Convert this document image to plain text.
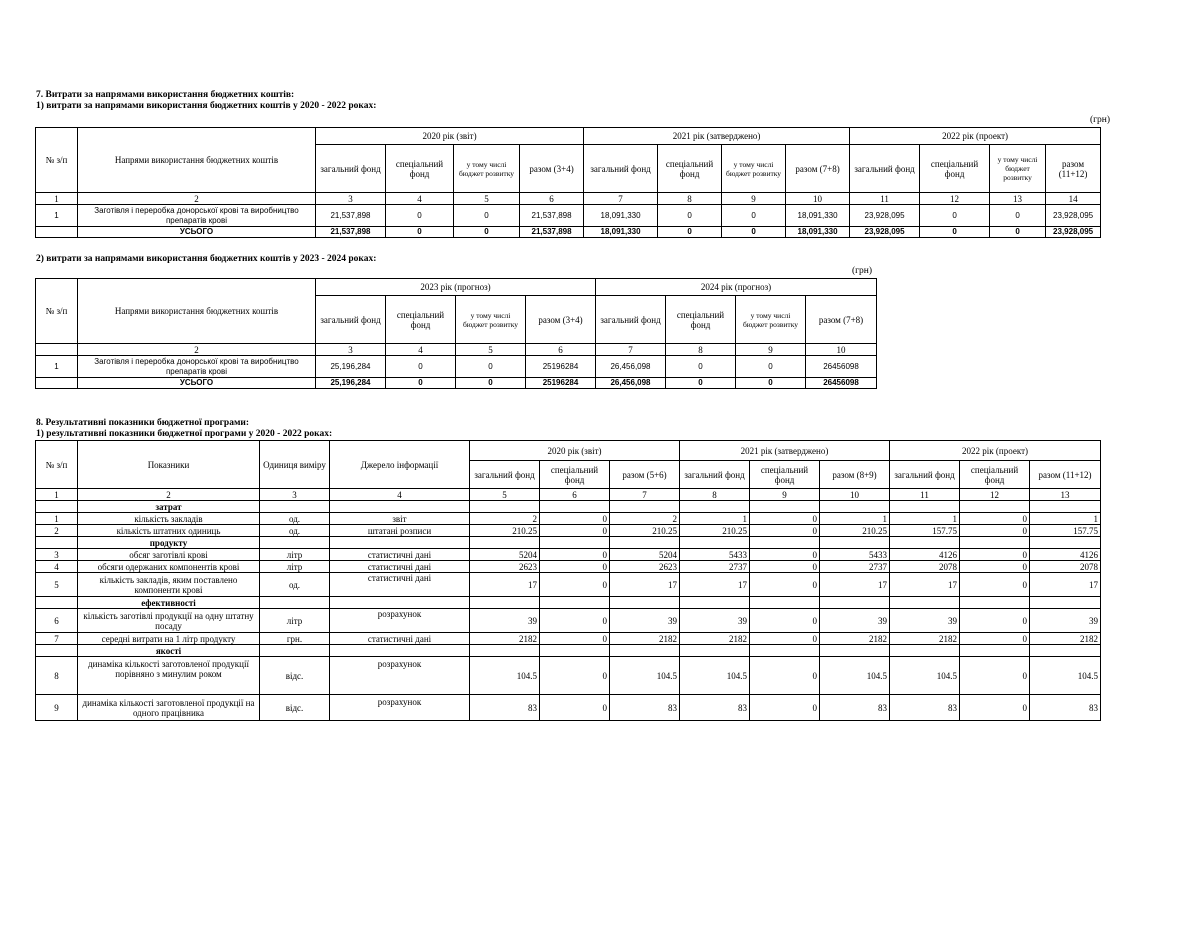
7. Витрати за напрямами використання бюджетних коштів:
1) витрати за напрямами використання бюджетних коштів у 2020 - 2022 роках:
(грн)
№ з/п	Напрями використання бюджетних коштів	2020 рік (звіт)				2021 рік (затверджено)				2022 рік (проект)			
		загальний фонд	спеціальний фонд	у тому числі бюджет розвитку	разом (3+4)	загальний фонд	спеціальний фонд	у тому числі бюджет розвитку	разом (7+8)	загальний фонд	спеціальний фонд	у тому числі бюджет розвитку	разом (11+12)
1	2	3	4	5	6	7	8	9	10	11	12	13	14
1	Заготівля і переробка донорської крові та виробництво препаратів крові	21,537,898	0	0	21,537,898	18,091,330	0	0	18,091,330	23,928,095	0	0	23,928,095
	УСЬОГО	21,537,898	0	0	21,537,898	18,091,330	0	0	18,091,330	23,928,095	0	0	23,928,095
2) витрати за напрямами використання бюджетних коштів у 2023 - 2024 роках:
(грн)
№ з/п	Напрями використання бюджетних коштів	2023 рік (прогноз)				2024 рік (прогноз)			
		загальний фонд	спеціальний фонд	у тому числі бюджет розвитку	разом (3+4)	загальний фонд	спеціальний фонд	у тому числі бюджет розвитку	разом (7+8)
	2	3	4	5	6	7	8	9	10
1	Заготівля і переробка донорської крові та виробництво препаратів крові	25,196,284	0	0	25196284	26,456,098	0	0	26456098
	УСЬОГО	25,196,284	0	0	25196284	26,456,098	0	0	26456098
8. Результативні показники бюджетної програми:
1) результативні показники бюджетної програми у 2020 - 2022 роках:
№ з/п	Показники	Одиниця виміру	Джерело інформації	2020 рік (звіт)			2021 рік (затверджено)			2022 рік (проект)		
				загальний фонд	спеціальний фонд	разом (5+6)	загальний фонд	спеціальний фонд	разом (8+9)	загальний фонд	спеціальний фонд	разом (11+12)
1	2	3	4	5	6	7	8	9	10	11	12	13
	затрат											
1	кількість закладів	од.	звіт	2	0	2	1	0	1	1	0	1
2	кількість штатних одиниць	од.	штатані розписи	210.25	0	210.25	210.25	0	210.25	157.75	0	157.75
	продукту											
3	обсяг заготівлі крові	літр	статистичні дані	5204	0	5204	5433	0	5433	4126	0	4126
4	обсяги одержаних компонентів крові	літр	статистичні дані	2623	0	2623	2737	0	2737	2078	0	2078
5	кількість закладів, яким поставлено компоненти крові	од.	статистичні дані	17	0	17	17	0	17	17	0	17
	ефективності											
6	кількість заготівлі продукції на одну штатну посаду	літр	розрахунок	39	0	39	39	0	39	39	0	39
7	середні витрати на 1 літр продукту	грн.	статистичні дані	2182	0	2182	2182	0	2182	2182	0	2182
	якості											
8	динаміка кількості заготовленої продукції порівняно з минулим роком	відс.	розрахунок	104.5	0	104.5	104.5	0	104.5	104.5	0	104.5
9	динаміка кількості заготовленої продукції на одного працівника	відс.	розрахунок	83	0	83	83	0	83	83	0	83
